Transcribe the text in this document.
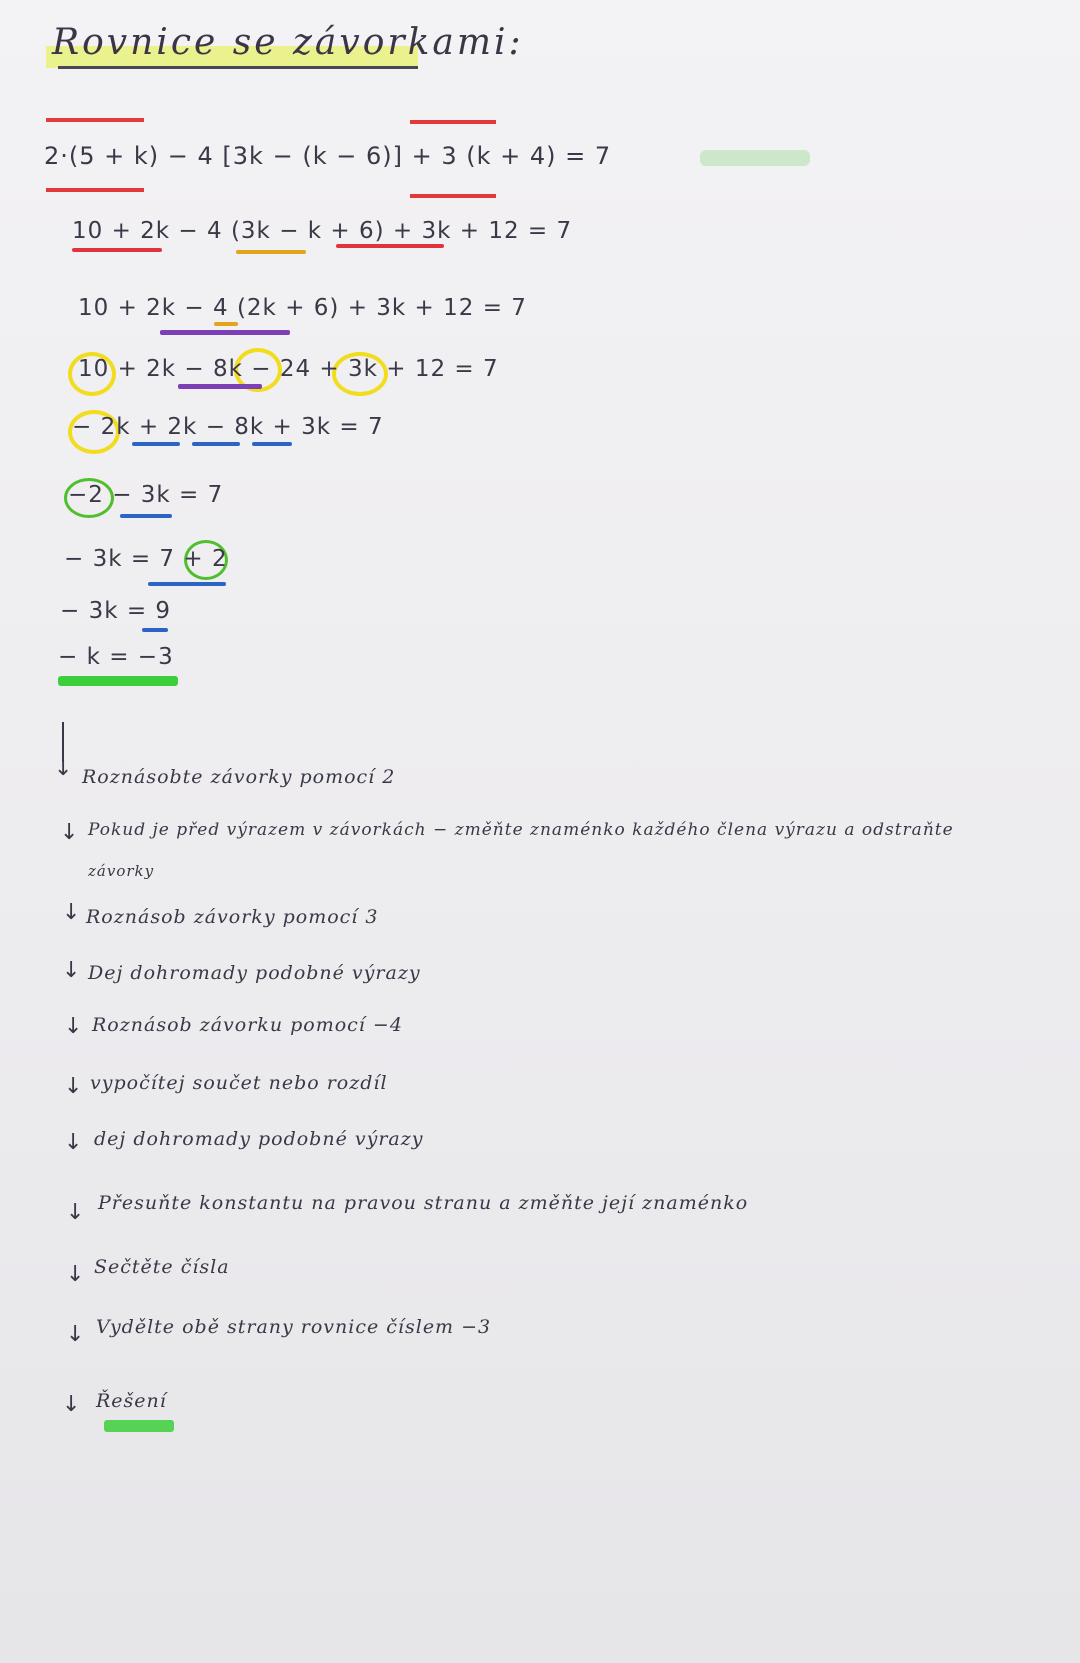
Rovnice se závorkami:
2·(5 + k) − 4 [3k − (k − 6)] + 3 (k + 4) = 7
10 + 2k − 4 (3k − k + 6) + 3k + 12 = 7
10 + 2k − 4 (2k + 6) + 3k + 12 = 7
10 + 2k − 8k − 24 + 3k + 12 = 7
− 2k + 2k − 8k + 3k = 7
−2 − 3k = 7
− 3k = 7 + 2
− 3k = 9
− k = −3
↓ Roznásobte závorky pomocí 2
↓ Pokud je před výrazem v závorkách − změňte znaménko každého člena výrazu a odstraňte
závorky
↓ Roznásob závorky pomocí 3
↓ Dej dohromady podobné výrazy
↓ Roznásob závorku pomocí −4
↓ vypočítej součet nebo rozdíl
↓ dej dohromady podobné výrazy
↓ Přesuňte konstantu na pravou stranu a změňte její znaménko
↓ Sečtěte čísla
↓ Vydělte obě strany rovnice číslem −3
↓ Řešení
